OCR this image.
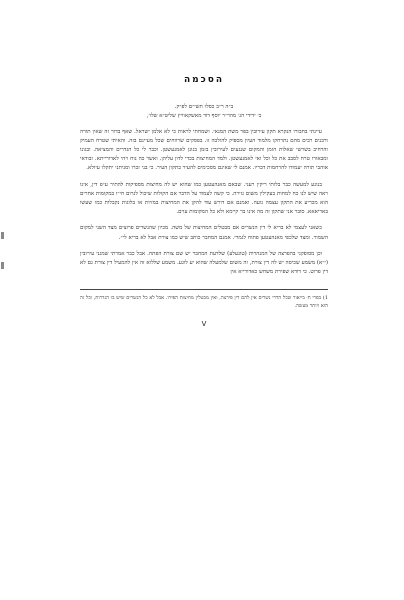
הסכמה

ב״ה ר״ב כסלו תשי״ם לפ״ק.

כ׳ ידידי הג׳ מהר״ר יוסף דוד מאשקאוויץ שליט״א שלו׳,

עיינתי בחבורו הנקרא תקון עירובין בפר משת המנאי. ושמחתי לראות כי לא אלמן ישראל. שאף בדור זה שאין תורה ורבנים רבים מהם נתרחקו מלמוד העיון מספיק להולכה זו. בפסקים שרווחים שכל מעיינם בזה. והאיתי שטרח העמיק והרחיב בשרשי שאלות הזמן והמקום שנגעים לעירובין בזמן בגונן לאמנעשטן. וכבר לי כל הגדרים והמציאה. ובגונו ומבאורו טרח לסבב את כל וכל ואי לאמנעשטן. ולמד המחיצות בכדי לדון עליהן. ואשר כה נוח ויהי לאדורייתא. ובודאי אוהבי תורה יעמודו להרחמות דבריו. אמנם לי שאינם מסכימים להעיר בתקון העיר. כי בני זכרו ומניתני יתקלו עיולא.

בנוגע למעשה כבר בלותי ריקין רעני. שבאם מאנהעטען כמו שהוא יש לה מחיצות מספיקות להתיר ע״פ דין, אינו ראה שיש לנו כח למחות בעקילין משום גזירה. כי קשה לעמוד על הדבר אם הקולות שיכול לגרום חי״ו במקומות אחרים הוא מכריע את התקון עצמה גועה. ואמנם אם דורש עוד להקן את המחיצות במזיות או בלוגות נקבלות כמו שעשו באריאאא. סובר אני שתקון זה מה אינו בר קיימא ולא כל המקומות עוים.

כשאני לעצמי לא בריא לי דין הנשרים אם מבטלים המחיצות של משה. מכיון שהנשרים פרוצים מצד השני למקום השמור. ומצד שלכפי מאנהעטען פתוח לגמרי. אמנם המחבר כותב שיש כמו צורת אבל לא בריא לי״.

וכן מסופקני בהפרצה של המנהרות (טונעלע) שלדעת המחבר יש שם צורת הפתח. אבל כבר אמרתי שמגני עירובין (י״א) משמע שכיסה יש לה דין צורת, וה משום שלמעלה שהוא יע לוגע. משמע שללוא זה אין להמעיל דין צורת גם לא דין פרוט. כי דודא שפירת משחש כאדורייא אין

1) בפרי ח׳ בייאור שכל הדרי נשרים אין להם דין פירצה, ואין מבטלין מחיצות הפירו. אבל לא כל הנשרים שיש בו הגדרות, וכל זה הוא ויותר מעשה.

V
